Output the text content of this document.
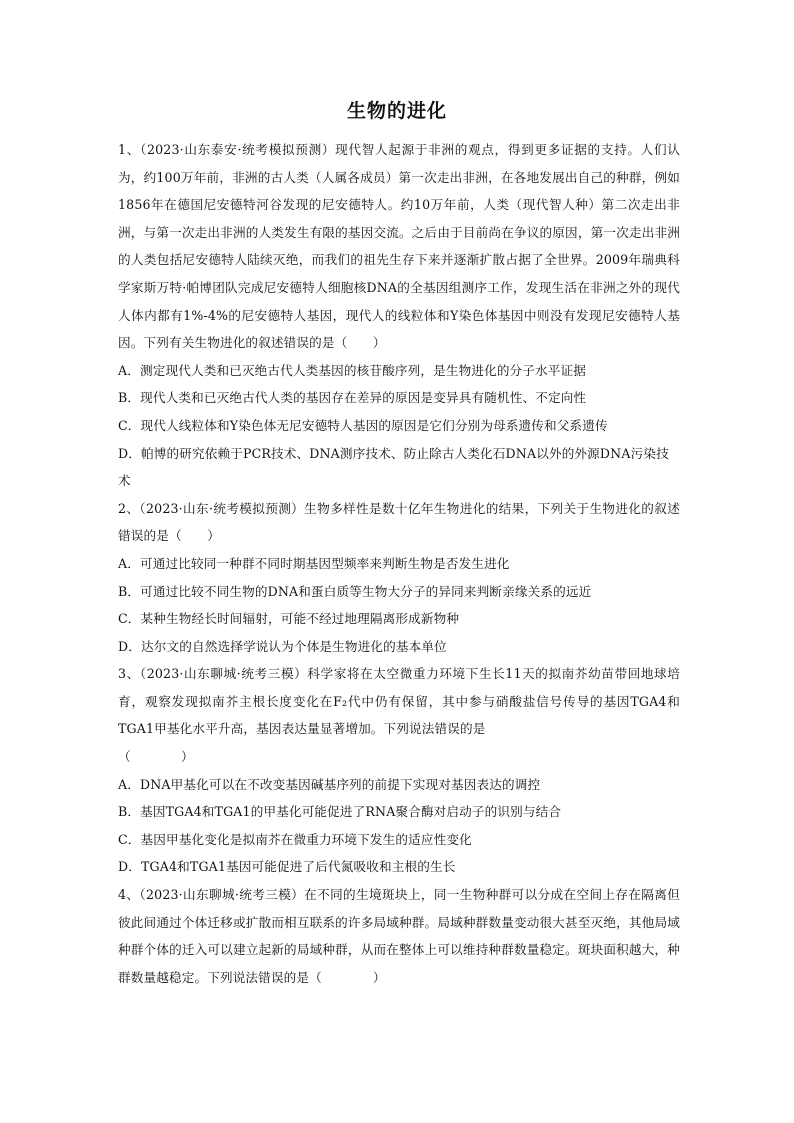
生物的进化

1、（2023·山东泰安·统考模拟预测）现代智人起源于非洲的观点，得到更多证据的支持。人们认为，约100万年前，非洲的古人类（人属各成员）第一次走出非洲，在各地发展出自己的种群，例如1856年在德国尼安德特河谷发现的尼安德特人。约10万年前，人类（现代智人种）第二次走出非洲，与第一次走出非洲的人类发生有限的基因交流。之后由于目前尚在争议的原因，第一次走出非洲的人类包括尼安德特人陆续灭绝，而我们的祖先生存下来并逐渐扩散占据了全世界。2009年瑞典科学家斯万特·帕博团队完成尼安德特人细胞核DNA的全基因组测序工作，发现生活在非洲之外的现代人体内都有1%-4%的尼安德特人基因，现代人的线粒体和Y染色体基因中则没有发现尼安德特人基因。下列有关生物进化的叙述错误的是（　　）

A．测定现代人类和已灭绝古代人类基因的核苷酸序列，是生物进化的分子水平证据

B．现代人类和已灭绝古代人类的基因存在差异的原因是变异具有随机性、不定向性

C．现代人线粒体和Y染色体无尼安德特人基因的原因是它们分别为母系遗传和父系遗传

D．帕博的研究依赖于PCR技术、DNA测序技术、防止除古人类化石DNA以外的外源DNA污染技术

2、（2023·山东·统考模拟预测）生物多样性是数十亿年生物进化的结果，下列关于生物进化的叙述错误的是（　　）

A．可通过比较同一种群不同时期基因型频率来判断生物是否发生进化

B．可通过比较不同生物的DNA和蛋白质等生物大分子的异同来判断亲缘关系的远近

C．某种生物经长时间辐射，可能不经过地理隔离形成新物种

D．达尔文的自然选择学说认为个体是生物进化的基本单位

3、（2023·山东聊城·统考三模）科学家将在太空微重力环境下生长11天的拟南芥幼苗带回地球培育，观察发现拟南芥主根长度变化在F₂代中仍有保留，其中参与硝酸盐信号传导的基因TGA4和TGA1甲基化水平升高，基因表达量显著增加。下列说法错误的是

（　　　　）

A．DNA甲基化可以在不改变基因碱基序列的前提下实现对基因表达的调控

B．基因TGA4和TGA1的甲基化可能促进了RNA聚合酶对启动子的识别与结合

C．基因甲基化变化是拟南芥在微重力环境下发生的适应性变化

D．TGA4和TGA1基因可能促进了后代氮吸收和主根的生长

4、（2023·山东聊城·统考三模）在不同的生境斑块上，同一生物种群可以分成在空间上存在隔离但彼此间通过个体迁移或扩散而相互联系的许多局域种群。局域种群数量变动很大甚至灭绝，其他局域种群个体的迁入可以建立起新的局域种群，从而在整体上可以维持种群数量稳定。斑块面积越大，种群数量越稳定。下列说法错误的是（　　　　）
